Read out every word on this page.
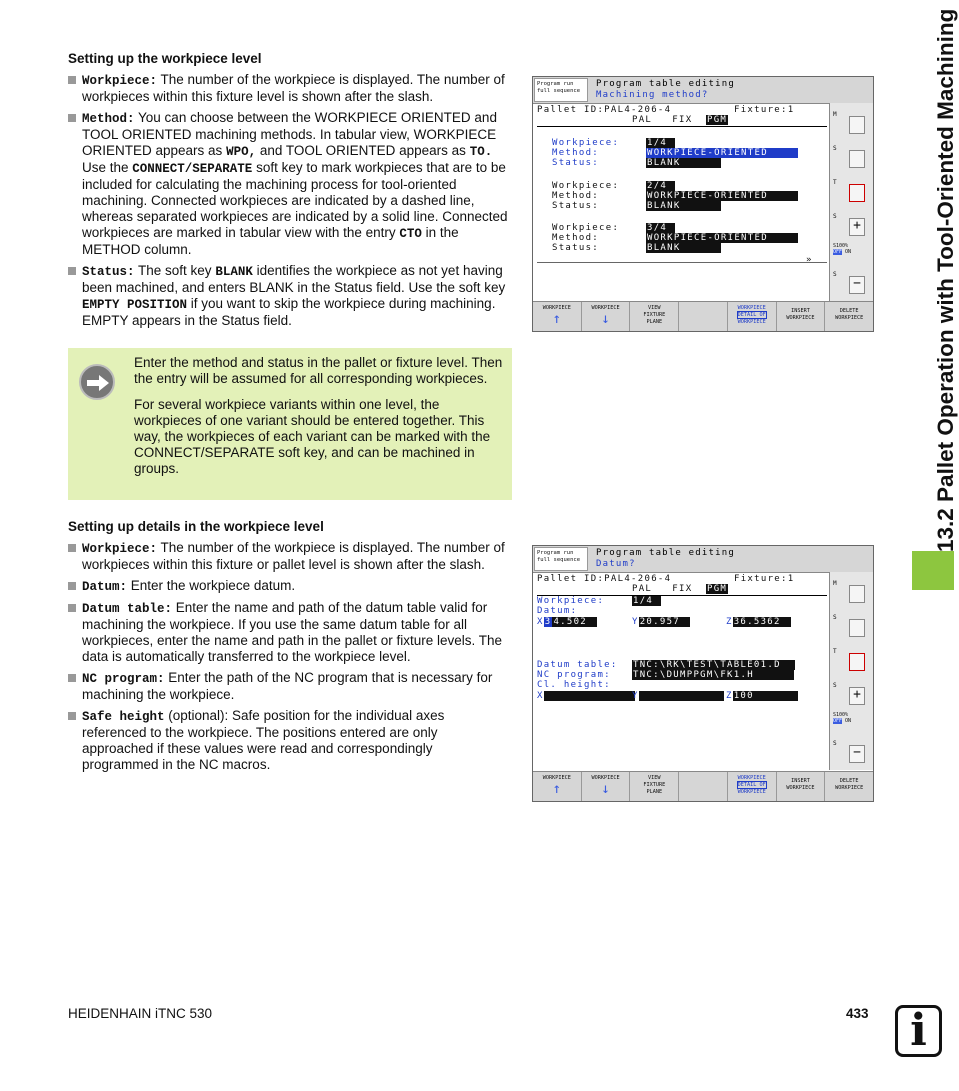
Setting up the workpiece level
Workpiece: The number of the workpiece is displayed. The number of workpieces within this fixture level is shown after the slash.
Method: You can choose between the WORKPIECE ORIENTED and TOOL ORIENTED machining methods. In tabular view, WORKPIECE ORIENTED appears as WPO, and TOOL ORIENTED appears as TO.
Use the CONNECT/SEPARATE soft key to mark workpieces that are to be included for calculating the machining process for tool-oriented machining. Connected workpieces are indicated by a dashed line, whereas separated workpieces are indicated by a solid line. Connected workpieces are marked in tabular view with the entry CTO in the METHOD column.
Status: The soft key BLANK identifies the workpiece as not yet having been machined, and enters BLANK in the Status field. Use the soft key EMPTY POSITION if you want to skip the workpiece during machining. EMPTY appears in the Status field.

Enter the method and status in the pallet or fixture level. Then the entry will be assumed for all corresponding workpieces.

For several workpiece variants within one level, the workpieces of one variant should be entered together. This way, the workpieces of each variant can be marked with the CONNECT/SEPARATE soft key, and can be machined in groups.

Setting up details in the workpiece level
Workpiece: The number of the workpiece is displayed. The number of workpieces within this fixture or pallet level is shown after the slash.
Datum: Enter the workpiece datum.
Datum table: Enter the name and path of the datum table valid for machining the workpiece. If you use the same datum table for all workpieces, enter the name and path in the pallet or fixture levels. The data is automatically transferred to the workpiece level.
NC program: Enter the path of the NC program that is necessary for machining the workpiece.
Safe height (optional): Safe position for the individual axes referenced to the workpiece. The positions entered are only approached if these values were read and correspondingly programmed in the NC macros.
Program run
full sequence
Program table editing
Machining method?
Pallet ID:PAL4-206-4	Fixture:1
PAL   FIX PGM
Workpiece:	1/4
Method:	WORKPIECE-ORIENTED
Status:	BLANK
Workpiece:	2/4
Method:	WORKPIECE-ORIENTED
Status:	BLANK
Workpiece:	3/4
Method:	WORKPIECE-ORIENTED
Status:	BLANK
»
M
S
T
S
+
S100%
OFF ON
S
−
WORKPIECE
↑
WORKPIECE
↓
VIEW
FIXTURE
PLANE
WORKPIECE
DETAIL OF
WORKPIECE
INSERT
WORKPIECE
DELETE
WORKPIECE
Program run
full sequence
Program table editing
Datum?
Pallet ID:PAL4-206-4	Fixture:1
PAL   FIX PGM
Workpiece:	1/4
Datum:
X3 4.502	Y20.957	Z36.5362
Datum table: TNC:\RK\TEST\TABLE01.D
NC program: TNC:\DUMPPGM\FK1.H
Cl. height:
X	Y	Z100
M
S
T
S
+
S100%
OFF ON
S
−
WORKPIECE
↑
WORKPIECE
↓
VIEW
FIXTURE
PLANE
WORKPIECE
DETAIL OF
WORKPIECE
INSERT
WORKPIECE
DELETE
WORKPIECE
13.2 Pallet Operation with Tool-Oriented Machining
HEIDENHAIN iTNC 530	433 i
